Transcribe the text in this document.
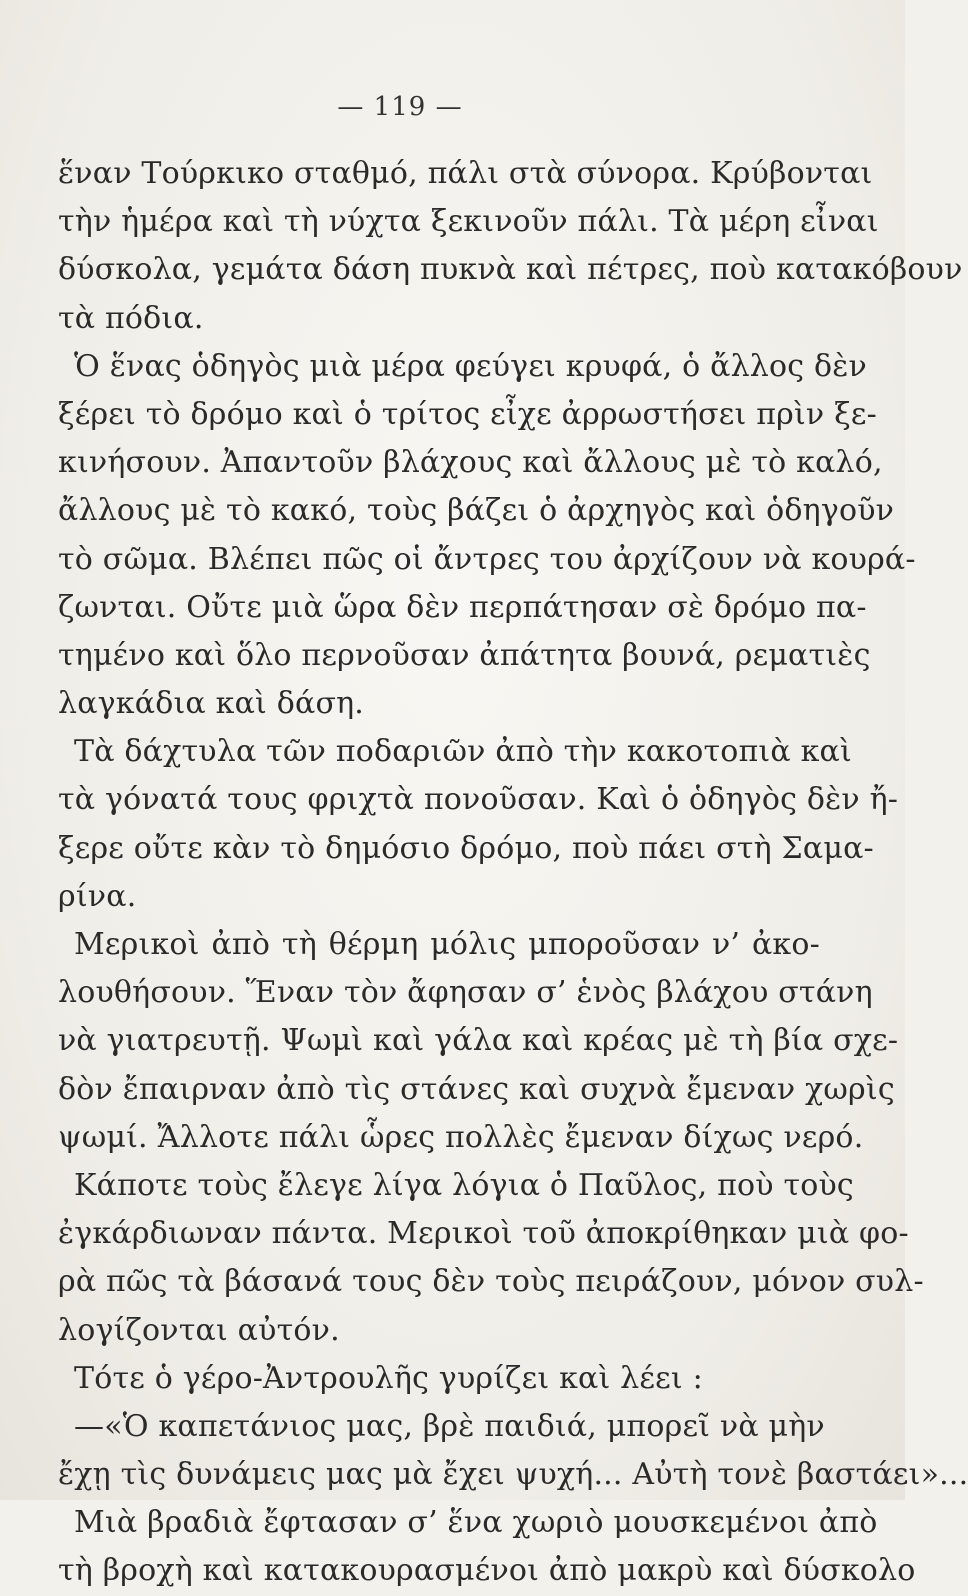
— 119 —
ἕναν Τούρκικο σταθμό, πάλι στὰ σύνορα. Κρύβονται
τὴν ἡμέρα καὶ τὴ νύχτα ξεκινοῦν πάλι. Τὰ μέρη εἶναι
δύσκολα, γεμάτα δάση πυκνὰ καὶ πέτρες, ποὺ κατακόβουν
τὰ πόδια.
Ὁ ἕνας ὁδηγὸς μιὰ μέρα φεύγει κρυφά, ὁ ἄλλος δὲν
ξέρει τὸ δρόμο καὶ ὁ τρίτος εἶχε ἀρρωστήσει πρὶν ξε-
κινήσουν. Ἀπαντοῦν βλάχους καὶ ἄλλους μὲ τὸ καλό,
ἄλλους μὲ τὸ κακό, τοὺς βάζει ὁ ἀρχηγὸς καὶ ὁδηγοῦν
τὸ σῶμα. Βλέπει πῶς οἱ ἄντρες του ἀρχίζουν νὰ κουρά-
ζωνται. Οὔτε μιὰ ὥρα δὲν περπάτησαν σὲ δρόμο πα-
τημένο καὶ ὅλο περνοῦσαν ἀπάτητα βουνά, ρεματιὲς
λαγκάδια καὶ δάση.
Τὰ δάχτυλα τῶν ποδαριῶν ἀπὸ τὴν κακοτοπιὰ καὶ
τὰ γόνατά τους φριχτὰ πονοῦσαν. Καὶ ὁ ὁδηγὸς δὲν ἤ-
ξερε οὔτε κὰν τὸ δημόσιο δρόμο, ποὺ πάει στὴ Σαμα-
ρίνα.
Μερικοὶ ἀπὸ τὴ θέρμη μόλις μποροῦσαν ν’ ἀκο-
λουθήσουν. Ἕναν τὸν ἄφησαν σ’ ἑνὸς βλάχου στάνη
νὰ γιατρευτῇ. Ψωμὶ καὶ γάλα καὶ κρέας μὲ τὴ βία σχε-
δὸν ἔπαιρναν ἀπὸ τὶς στάνες καὶ συχνὰ ἔμεναν χωρὶς
ψωμί. Ἄλλοτε πάλι ὧρες πολλὲς ἔμεναν δίχως νερό.
Κάποτε τοὺς ἔλεγε λίγα λόγια ὁ Παῦλος, ποὺ τοὺς
ἐγκάρδιωναν πάντα. Μερικοὶ τοῦ ἀποκρίθηκαν μιὰ φο-
ρὰ πῶς τὰ βάσανά τους δὲν τοὺς πειράζουν, μόνον συλ-
λογίζονται αὐτόν.
Τότε ὁ γέρο-Ἀντρουλῆς γυρίζει καὶ λέει :
—«Ὁ καπετάνιος μας, βρὲ παιδιά, μπορεῖ νὰ μὴν
ἔχῃ τὶς δυνάμεις μας μὰ ἔχει ψυχή... Αὐτὴ τονὲ βαστάει»...
Μιὰ βραδιὰ ἔφτασαν σ’ ἕνα χωριὸ μουσκεμένοι ἀπὸ
τὴ βροχὴ καὶ κατακουρασμένοι ἀπὸ μακρὺ καὶ δύσκολο
